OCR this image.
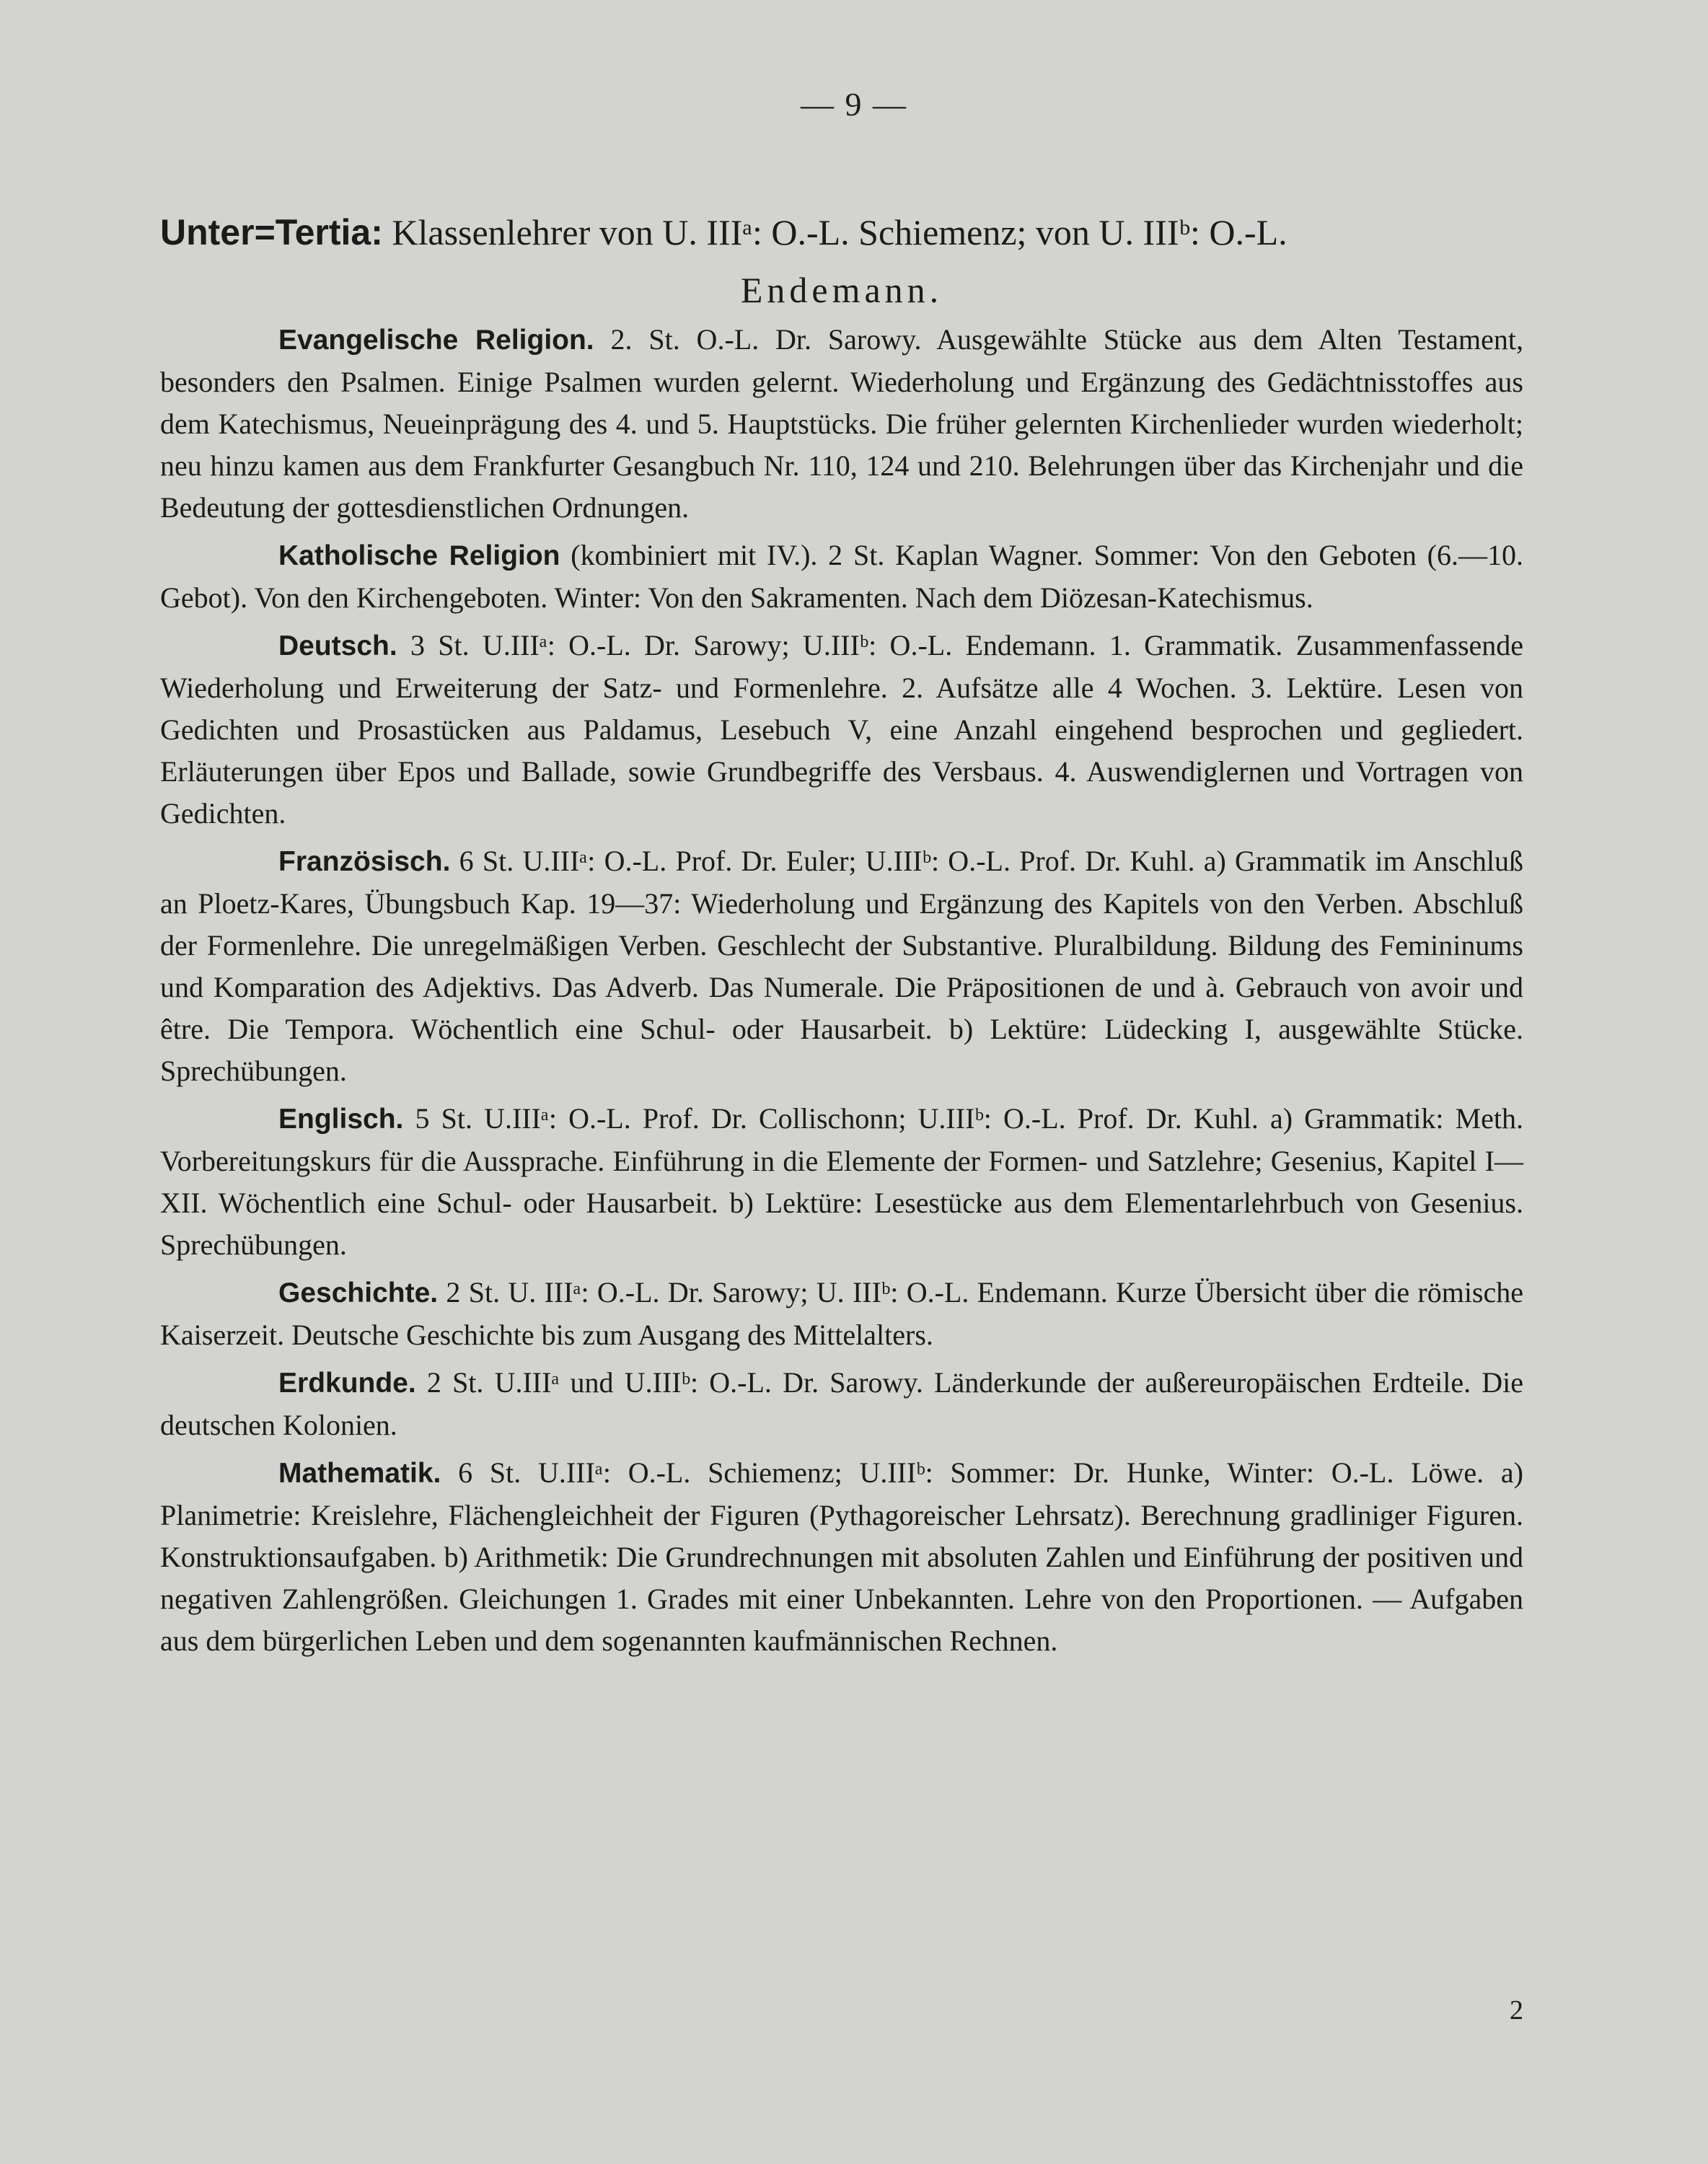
— 9 —
Unter=Tertia: Klassenlehrer von U. IIIᵃ: O.-L. Schiemenz; von U. IIIᵇ: O.-L.
Endemann.

Evangelische Religion. 2. St. O.-L. Dr. Sarowy. Ausgewählte Stücke aus dem Alten Testament, besonders den Psalmen. Einige Psalmen wurden gelernt. Wiederholung und Ergänzung des Gedächtnisstoffes aus dem Katechismus, Neueinprägung des 4. und 5. Hauptstücks. Die früher gelernten Kirchenlieder wurden wiederholt; neu hinzu kamen aus dem Frankfurter Gesangbuch Nr. 110, 124 und 210. Belehrungen über das Kirchenjahr und die Bedeutung der gottesdienstlichen Ordnungen.

Katholische Religion (kombiniert mit IV.). 2 St. Kaplan Wagner. Sommer: Von den Geboten (6.—10. Gebot). Von den Kirchengeboten. Winter: Von den Sakramenten. Nach dem Diözesan-Katechismus.

Deutsch. 3 St. U.IIIᵃ: O.-L. Dr. Sarowy; U.IIIᵇ: O.-L. Endemann. 1. Grammatik. Zusammenfassende Wiederholung und Erweiterung der Satz- und Formenlehre. 2. Aufsätze alle 4 Wochen. 3. Lektüre. Lesen von Gedichten und Prosastücken aus Paldamus, Lesebuch V, eine Anzahl eingehend besprochen und gegliedert. Erläuterungen über Epos und Ballade, sowie Grundbegriffe des Versbaus. 4. Auswendiglernen und Vortragen von Gedichten.

Französisch. 6 St. U.IIIᵃ: O.-L. Prof. Dr. Euler; U.IIIᵇ: O.-L. Prof. Dr. Kuhl. a) Grammatik im Anschluß an Ploetz-Kares, Übungsbuch Kap. 19—37: Wiederholung und Ergänzung des Kapitels von den Verben. Abschluß der Formenlehre. Die unregelmäßigen Verben. Geschlecht der Substantive. Pluralbildung. Bildung des Femininums und Komparation des Adjektivs. Das Adverb. Das Numerale. Die Präpositionen de und à. Gebrauch von avoir und être. Die Tempora. Wöchentlich eine Schul- oder Hausarbeit. b) Lektüre: Lüdecking I, ausgewählte Stücke. Sprechübungen.

Englisch. 5 St. U.IIIᵃ: O.-L. Prof. Dr. Collischonn; U.IIIᵇ: O.-L. Prof. Dr. Kuhl. a) Grammatik: Meth. Vorbereitungskurs für die Aussprache. Einführung in die Elemente der Formen- und Satzlehre; Gesenius, Kapitel I—XII. Wöchentlich eine Schul- oder Hausarbeit. b) Lektüre: Lesestücke aus dem Elementarlehrbuch von Gesenius. Sprechübungen.

Geschichte. 2 St. U. IIIᵃ: O.-L. Dr. Sarowy; U. IIIᵇ: O.-L. Endemann. Kurze Übersicht über die römische Kaiserzeit. Deutsche Geschichte bis zum Ausgang des Mittelalters.

Erdkunde. 2 St. U.IIIᵃ und U.IIIᵇ: O.-L. Dr. Sarowy. Länderkunde der außereuropäischen Erdteile. Die deutschen Kolonien.

Mathematik. 6 St. U.IIIᵃ: O.-L. Schiemenz; U.IIIᵇ: Sommer: Dr. Hunke, Winter: O.-L. Löwe. a) Planimetrie: Kreislehre, Flächengleichheit der Figuren (Pythagoreischer Lehrsatz). Berechnung gradliniger Figuren. Konstruktionsaufgaben. b) Arithmetik: Die Grundrechnungen mit absoluten Zahlen und Einführung der positiven und negativen Zahlengrößen. Gleichungen 1. Grades mit einer Unbekannten. Lehre von den Proportionen. — Aufgaben aus dem bürgerlichen Leben und dem sogenannten kaufmännischen Rechnen.

2
